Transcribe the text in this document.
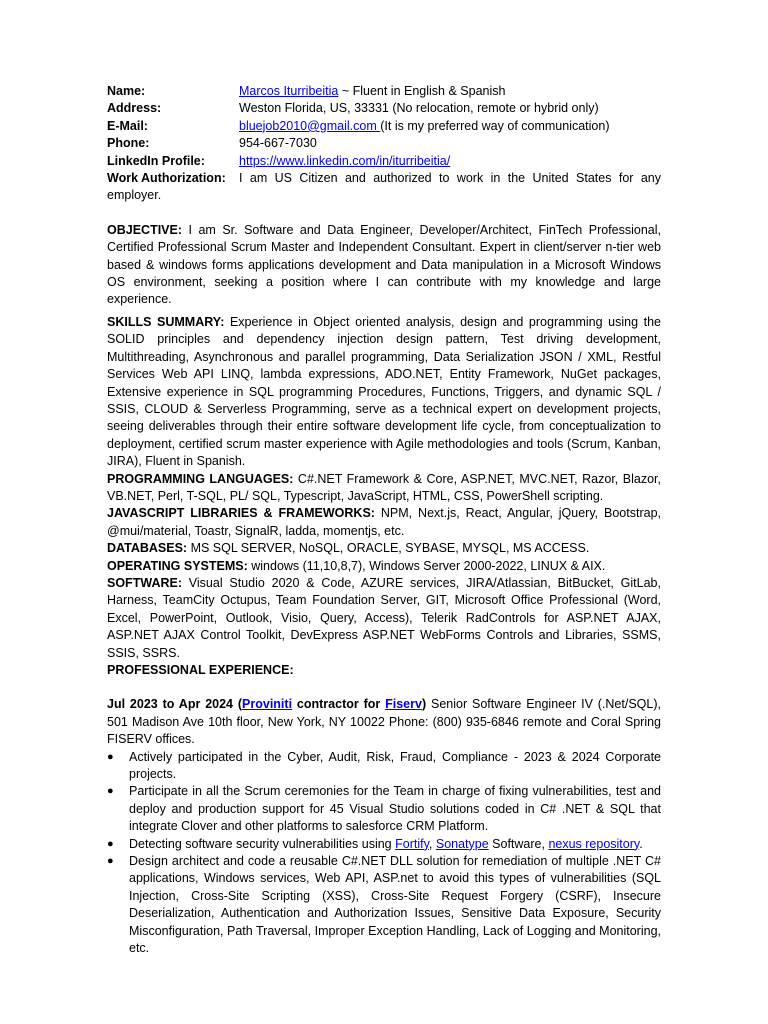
Name:	Marcos Iturribeitia ~ Fluent in English & Spanish
Address:	Weston Florida, US, 33331 (No relocation, remote or hybrid only)
E-Mail:	bluejob2010@gmail.com (It is my preferred way of communication)
Phone:	954-667-7030
LinkedIn Profile:	https://www.linkedin.com/in/iturribeitia/
Work Authorization: I am US Citizen and authorized to work in the United States for any employer.

OBJECTIVE: I am Sr. Software and Data Engineer, Developer/Architect, FinTech Professional, Certified Professional Scrum Master and Independent Consultant. Expert in client/server n-tier web based & windows forms applications development and Data manipulation in a Microsoft Windows OS environment, seeking a position where I can contribute with my knowledge and large experience.

SKILLS SUMMARY: Experience in Object oriented analysis, design and programming using the SOLID principles and dependency injection design pattern, Test driving development, Multithreading, Asynchronous and parallel programming, Data Serialization JSON / XML, Restful Services Web API LINQ, lambda expressions, ADO.NET, Entity Framework, NuGet packages, Extensive experience in SQL programming Procedures, Functions, Triggers, and dynamic SQL / SSIS, CLOUD & Serverless Programming, serve as a technical expert on development projects, seeing deliverables through their entire software development life cycle, from conceptualization to deployment, certified scrum master experience with Agile methodologies and tools (Scrum, Kanban, JIRA), Fluent in Spanish.

PROGRAMMING LANGUAGES: C#.NET Framework & Core, ASP.NET, MVC.NET, Razor, Blazor, VB.NET, Perl, T-SQL, PL/ SQL, Typescript, JavaScript, HTML, CSS, PowerShell scripting.

JAVASCRIPT LIBRARIES & FRAMEWORKS: NPM, Next.js, React, Angular, jQuery, Bootstrap, @mui/material, Toastr, SignalR, ladda, momentjs, etc.

DATABASES: MS SQL SERVER, NoSQL, ORACLE, SYBASE, MYSQL, MS ACCESS.

OPERATING SYSTEMS: windows (11,10,8,7), Windows Server 2000-2022, LINUX & AIX.

SOFTWARE: Visual Studio 2020 & Code, AZURE services, JIRA/Atlassian, BitBucket, GitLab, Harness, TeamCity Octupus, Team Foundation Server, GIT, Microsoft Office Professional (Word, Excel, PowerPoint, Outlook, Visio, Query, Access), Telerik RadControls for ASP.NET AJAX, ASP.NET AJAX Control Toolkit, DevExpress ASP.NET WebForms Controls and Libraries, SSMS, SSIS, SSRS.

PROFESSIONAL EXPERIENCE:

Jul 2023 to Apr 2024 (Proviniti contractor for Fiserv) Senior Software Engineer IV (.Net/SQL), 501 Madison Ave 10th floor, New York, NY 10022 Phone: (800) 935-6846 remote and Coral Spring FISERV offices.

● Actively participated in the Cyber, Audit, Risk, Fraud, Compliance - 2023 & 2024 Corporate projects.
● Participate in all the Scrum ceremonies for the Team in charge of fixing vulnerabilities, test and deploy and production support for 45 Visual Studio solutions coded in C# .NET & SQL that integrate Clover and other platforms to salesforce CRM Platform.
● Detecting software security vulnerabilities using Fortify, Sonatype Software, nexus repository.
● Design architect and code a reusable C#.NET DLL solution for remediation of multiple .NET C# applications, Windows services, Web API, ASP.net to avoid this types of vulnerabilities (SQL Injection, Cross-Site Scripting (XSS), Cross-Site Request Forgery (CSRF), Insecure Deserialization, Authentication and Authorization Issues, Sensitive Data Exposure, Security Misconfiguration, Path Traversal, Improper Exception Handling, Lack of Logging and Monitoring, etc.
